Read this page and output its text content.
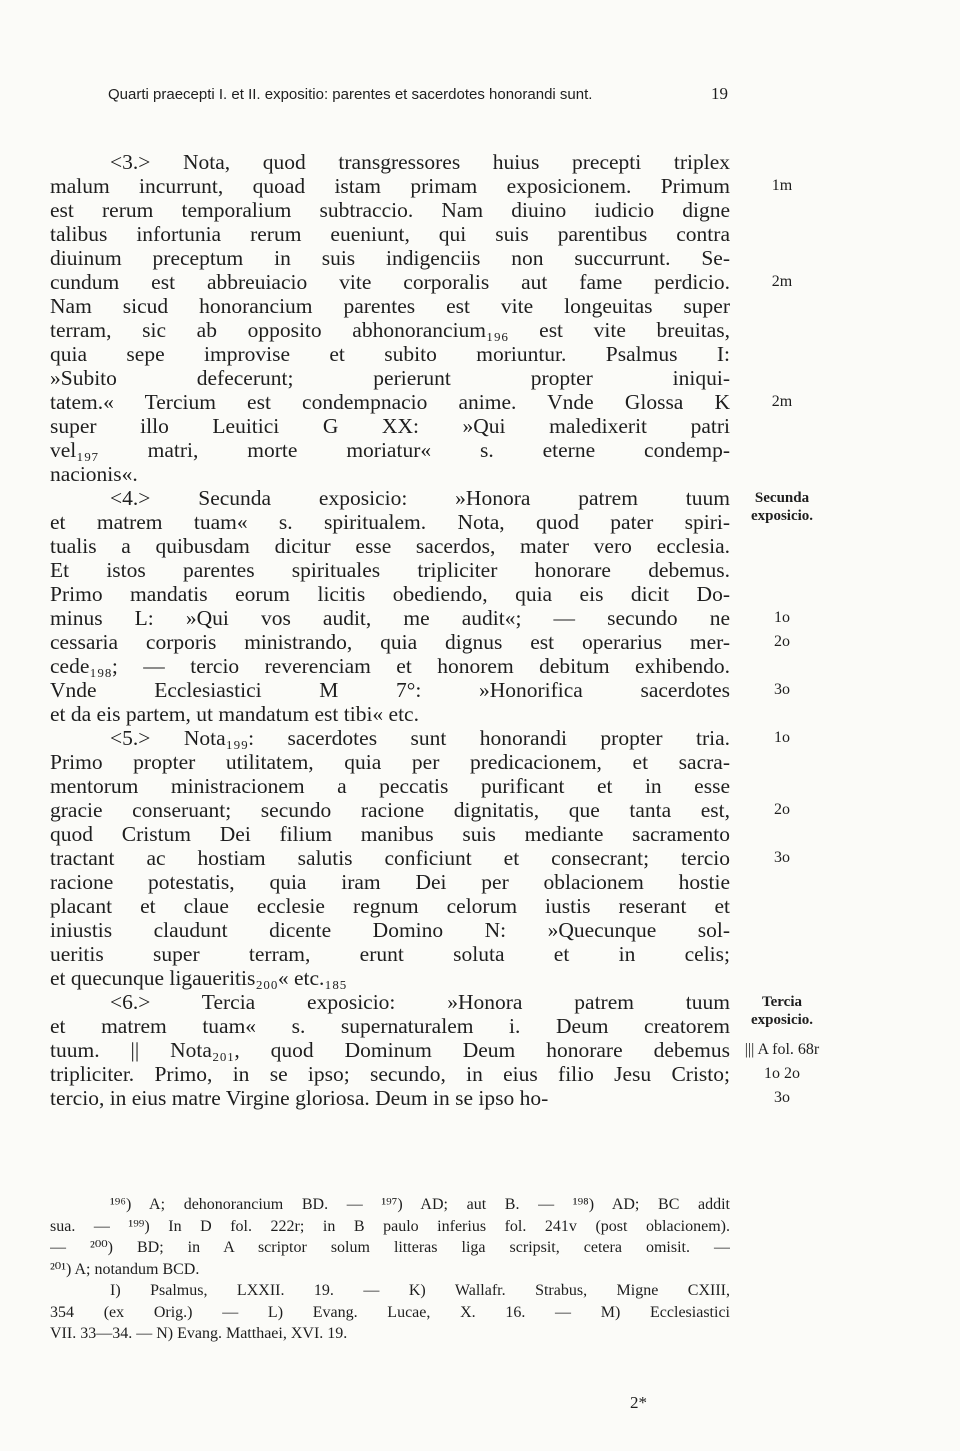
Quarti praecepti I. et II. expositio: parentes et sacerdotes honorandi sunt.	19
<3.> Nota, quod transgressores huius precepti triplex
malum incurrunt, quoad istam primam exposicionem. Primum
est rerum temporalium subtraccio. Nam diuino iudicio digne
talibus infortunia rerum eueniunt, qui suis parentibus contra
diuinum preceptum in suis indigenciis non succurrunt. Se-
cundum est abbreuiacio vite corporalis aut fame perdicio.
Nam sicud honorancium parentes est vite longeuitas super
terram, sic ab opposito abhonorancium₁₉₆ est vite breuitas,
quia sepe improvise et subito moriuntur. Psalmus I:
»Subito defecerunt; perierunt propter iniqui-
tatem.« Tercium est condempnacio anime. Vnde Glossa K
super illo Leuitici G XX: »Qui maledixerit patri
vel₁₉₇ matri, morte moriatur« s. eterne condemp-
nacionis«.
<4.> Secunda exposicio: »Honora patrem tuum
et matrem tuam« s. spiritualem. Nota, quod pater spiri-
tualis a quibusdam dicitur esse sacerdos, mater vero ecclesia.
Et istos parentes spirituales tripliciter honorare debemus.
Primo mandatis eorum licitis obediendo, quia eis dicit Do-
minus L: »Qui vos audit, me audit«; — secundo ne
cessaria corporis ministrando, quia dignus est operarius mer-
cede₁₉₈; — tercio reverenciam et honorem debitum exhibendo.
Vnde Ecclesiastici M 7°: »Honorifica sacerdotes
et da eis partem, ut mandatum est tibi« etc.
<5.> Nota₁₉₉: sacerdotes sunt honorandi propter tria.
Primo propter utilitatem, quia per predicacionem, et sacra-
mentorum ministracionem a peccatis purificant et in esse
gracie conseruant; secundo racione dignitatis, que tanta est,
quod Cristum Dei filium manibus suis mediante sacramento
tractant ac hostiam salutis conficiunt et consecrant; tercio
racione potestatis, quia iram Dei per oblacionem hostie
placant et claue ecclesie regnum celorum iustis reserant et
iniustis claudunt dicente Domino N: »Quecunque sol-
ueritis super terram, erunt soluta et in celis;
et quecunque ligaueritis₂₀₀« etc.₁₈₅
<6.> Tercia exposicio: »Honora patrem tuum
et matrem tuam« s. supernaturalem i. Deum creatorem
tuum. || Nota₂₀₁, quod Dominum Deum honorare debemus
tripliciter. Primo, in se ipso; secundo, in eius filio Jesu Cristo;
tercio, in eius matre Virgine gloriosa. Deum in se ipso ho-
1m
2m
2m
Secunda exposicio.
1o
2o
3o
1o
2o
3o
Tercia exposicio.
||| A fol. 68r
1o 2o
3o
¹⁹⁶) A; dehonorancium BD. — ¹⁹⁷) AD; aut B. — ¹⁹⁸) AD; BC addit
sua. — ¹⁹⁹) In D fol. 222r; in B paulo inferius fol. 241v (post oblacionem).
— ²⁰⁰) BD; in A scriptor solum litteras liga scripsit, cetera omisit. —
²⁰¹) A; notandum BCD.
I) Psalmus, LXXII. 19. — K) Wallafr. Strabus, Migne CXIII,
354 (ex Orig.) — L) Evang. Lucae, X. 16. — M) Ecclesiastici
VII. 33—34. — N) Evang. Matthaei, XVI. 19.
2*
